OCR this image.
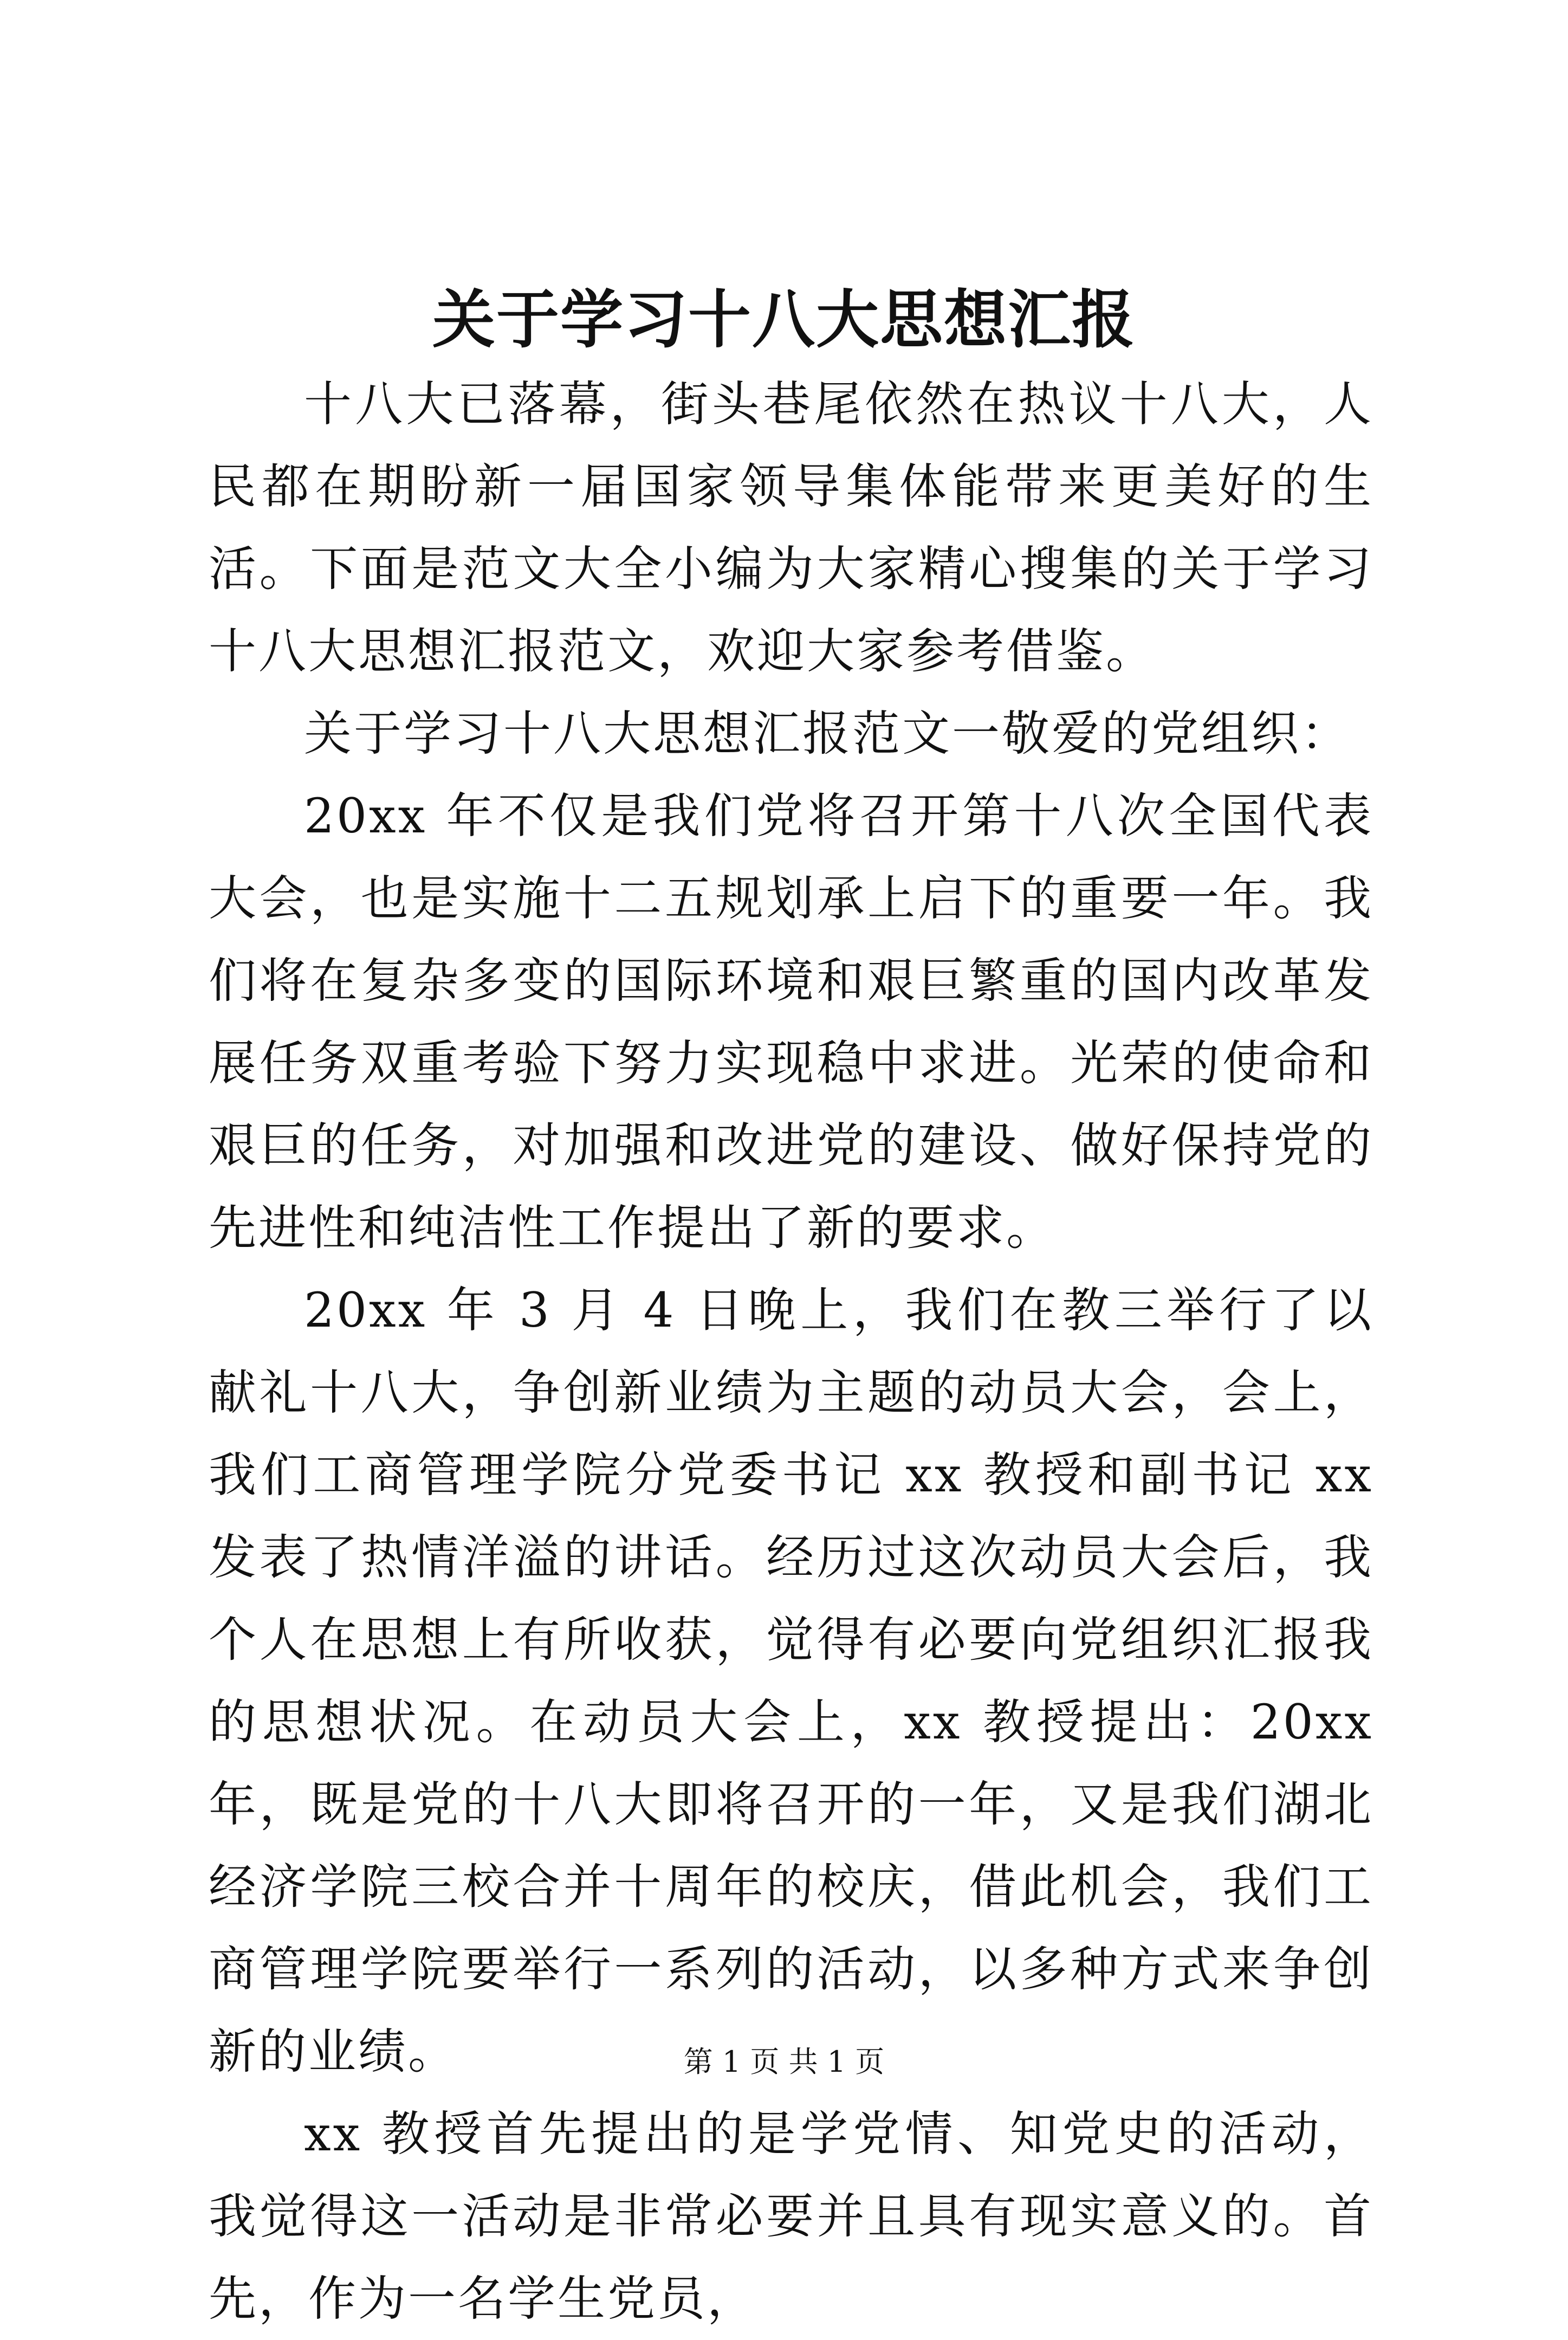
关于学习十八大思想汇报

十八大已落幕，街头巷尾依然在热议十八大，人民都在期盼新一届国家领导集体能带来更美好的生活。下面是范文大全小编为大家精心搜集的关于学习十八大思想汇报范文，欢迎大家参考借鉴。

关于学习十八大思想汇报范文一敬爱的党组织：

20xx 年不仅是我们党将召开第十八次全国代表大会，也是实施十二五规划承上启下的重要一年。我们将在复杂多变的国际环境和艰巨繁重的国内改革发展任务双重考验下努力实现稳中求进。光荣的使命和艰巨的任务，对加强和改进党的建设、做好保持党的先进性和纯洁性工作提出了新的要求。

20xx 年 3 月 4 日晚上，我们在教三举行了以献礼十八大，争创新业绩为主题的动员大会，会上，我们工商管理学院分党委书记 xx 教授和副书记 xx 发表了热情洋溢的讲话。经历过这次动员大会后，我个人在思想上有所收获，觉得有必要向党组织汇报我的思想状况。在动员大会上，xx 教授提出：20xx 年，既是党的十八大即将召开的一年，又是我们湖北经济学院三校合并十周年的校庆，借此机会，我们工商管理学院要举行一系列的活动，以多种方式来争创新的业绩。

xx 教授首先提出的是学党情、知党史的活动，我觉得这一活动是非常必要并且具有现实意义的。首先，作为一名学生党员，

第 1 页 共 1 页
